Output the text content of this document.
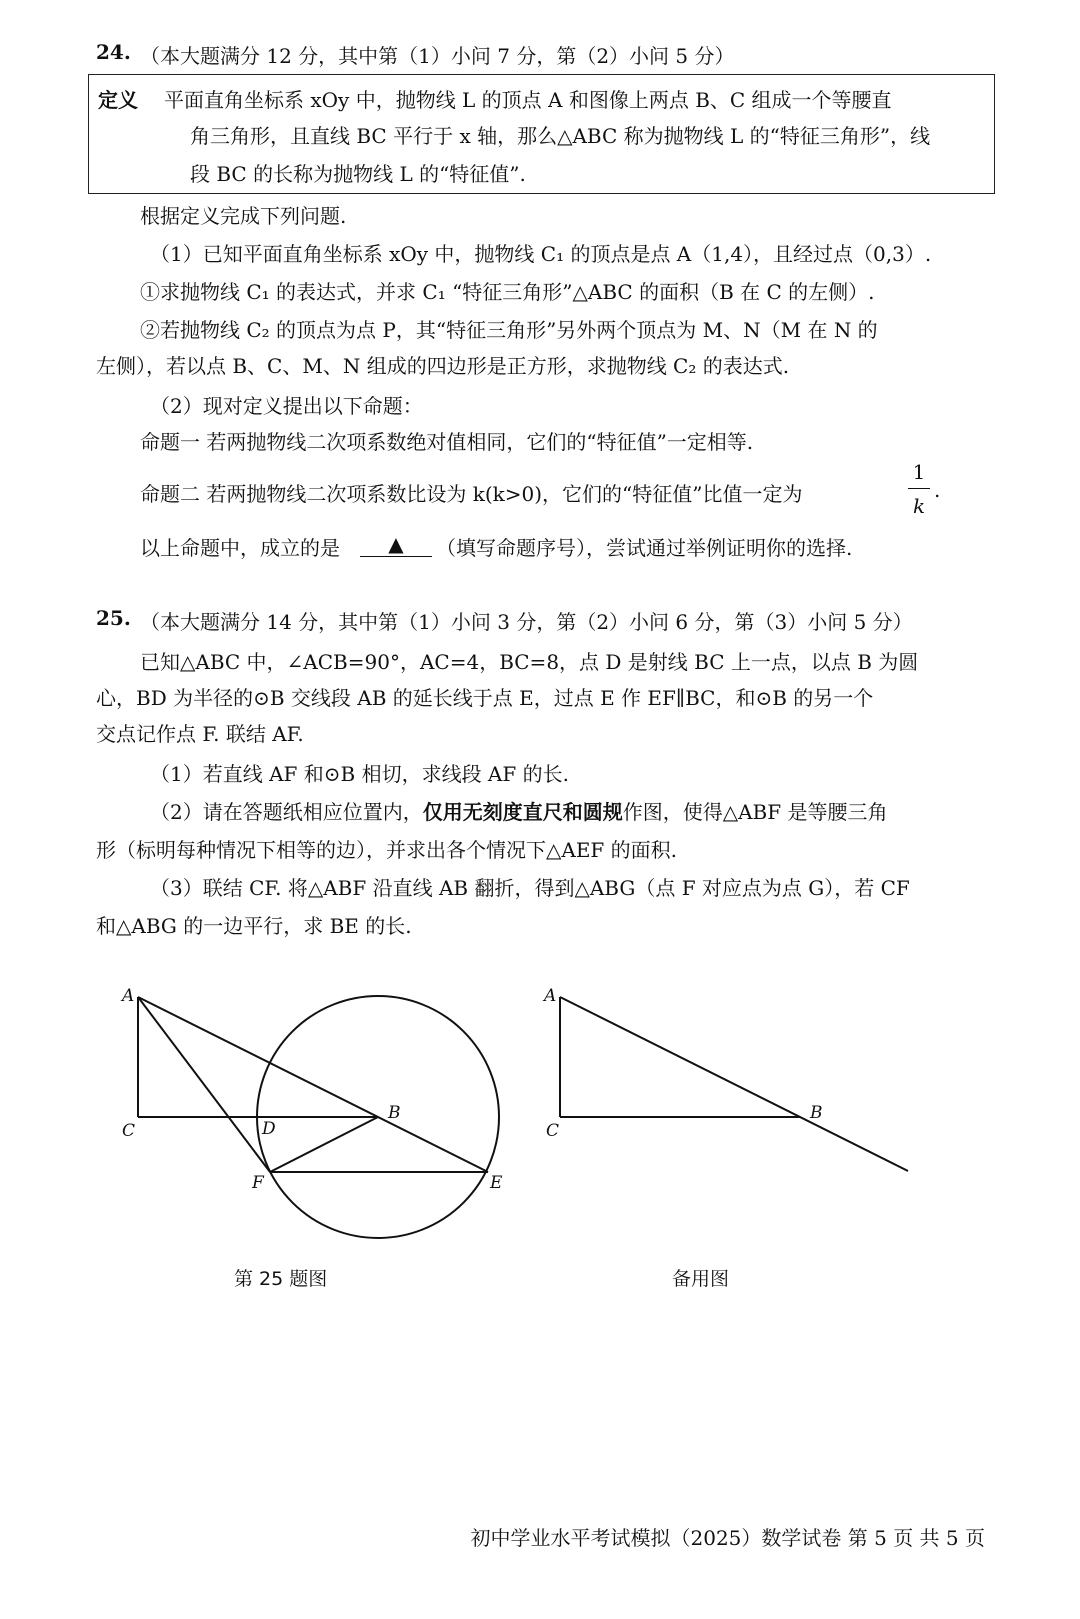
24. （本大题满分 12 分，其中第（1）小问 7 分，第（2）小问 5 分）
定义 平面直角坐标系 xOy 中，抛物线 L 的顶点 A 和图像上两点 B、C 组成一个等腰直
角三角形，且直线 BC 平行于 x 轴，那么△ABC 称为抛物线 L 的“特征三角形”，线
段 BC 的长称为抛物线 L 的“特征值”.
根据定义完成下列问题.
（1）已知平面直角坐标系 xOy 中，抛物线 C₁ 的顶点是点 A（1,4），且经过点（0,3）.
①求抛物线 C₁ 的表达式，并求 C₁ “特征三角形”△ABC 的面积（B 在 C 的左侧）.
②若抛物线 C₂ 的顶点为点 P，其“特征三角形”另外两个顶点为 M、N（M 在 N 的
左侧），若以点 B、C、M、N 组成的四边形是正方形，求抛物线 C₂ 的表达式.
（2）现对定义提出以下命题：
命题一 若两抛物线二次项系数绝对值相同，它们的“特征值”一定相等.
命题二 若两抛物线二次项系数比设为 k(k>0)，它们的“特征值”比值一定为
1
k
.
以上命题中，成立的是	▲	（填写命题序号），尝试通过举例证明你的选择.
25. （本大题满分 14 分，其中第（1）小问 3 分，第（2）小问 6 分，第（3）小问 5 分）
已知△ABC 中，∠ACB=90°，AC=4，BC=8，点 D 是射线 BC 上一点，以点 B 为圆
心，BD 为半径的⊙B 交线段 AB 的延长线于点 E，过点 E 作 EF∥BC，和⊙B 的另一个
交点记作点 F. 联结 AF.
（1）若直线 AF 和⊙B 相切，求线段 AF 的长.
（2）请在答题纸相应位置内，仅用无刻度直尺和圆规作图，使得△ABF 是等腰三角
形（标明每种情况下相等的边），并求出各个情况下△AEF 的面积.
（3）联结 CF. 将△ABF 沿直线 AB 翻折，得到△ABG（点 F 对应点为点 G），若 CF
和△ABG 的一边平行，求 BE 的长.
A
C
B
D
F	E
A
C
B
第 25 题图	备用图
初中学业水平考试模拟（2025）数学试卷 第 5 页 共 5 页
